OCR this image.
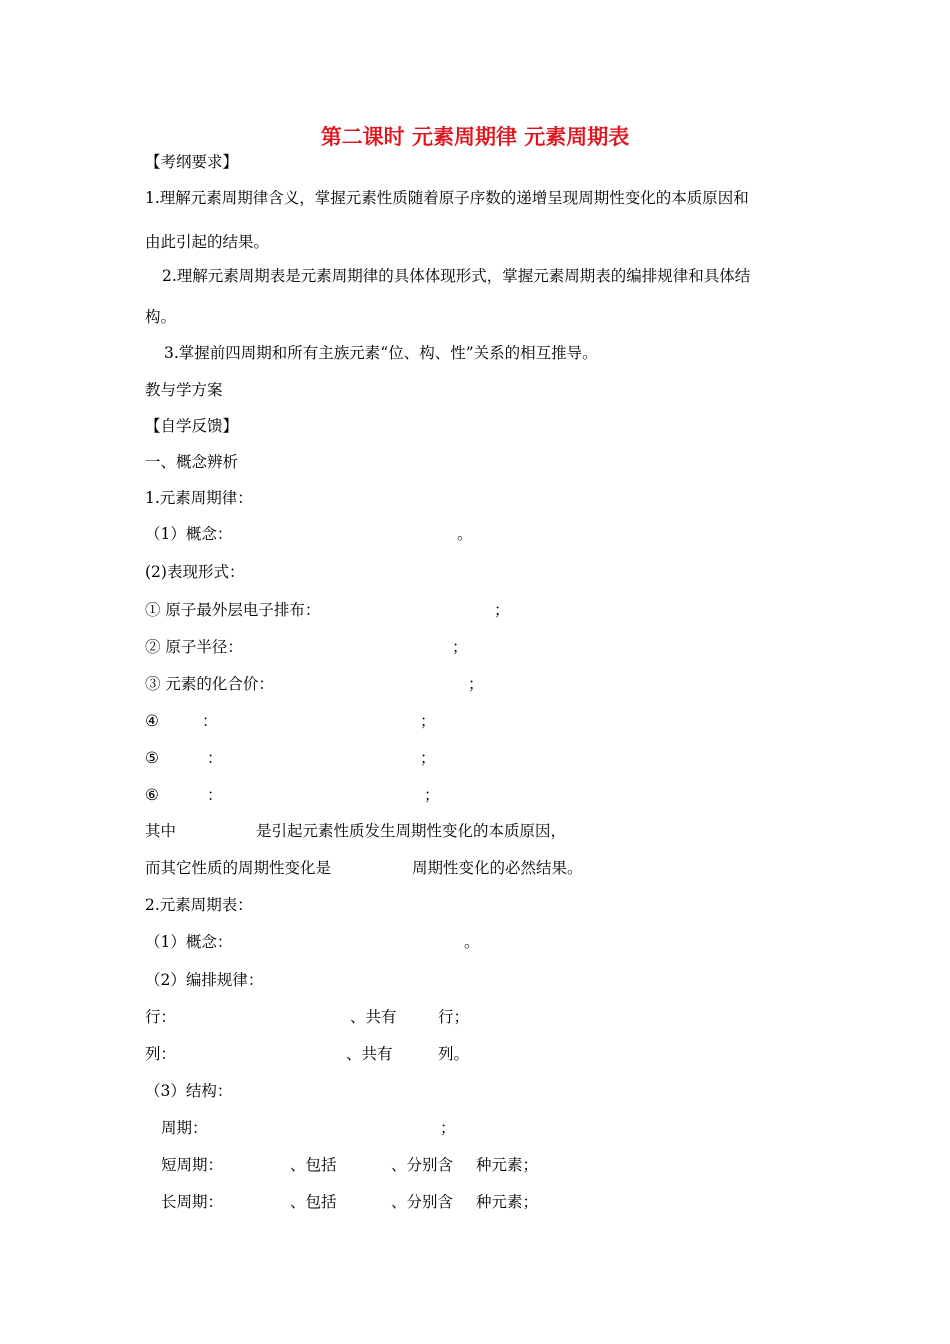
第二课时 元素周期律 元素周期表
【考纲要求】
1.理解元素周期律含义，掌握元素性质随着原子序数的递增呈现周期性变化的本质原因和
由此引起的结果。
2.理解元素周期表是元素周期律的具体体现形式，掌握元素周期表的编排规律和具体结
构。
3.掌握前四周期和所有主族元素“位、构、性”关系的相互推导。
教与学方案
【自学反馈】
一、概念辨析
1.元素周期律：
（1）概念：	。
(2)表现形式：
① 原子最外层电子排布：	；
② 原子半径：	；
③ 元素的化合价：	；
④	：	；
⑤	：	；
⑥	：	；
其中	是引起元素性质发生周期性变化的本质原因，
而其它性质的周期性变化是	周期性变化的必然结果。
2.元素周期表：
（1）概念：	。
（2）编排规律：
行：	、共有	行；
列：	、共有	列。
（3）结构：
周期：	；
短周期：	、包括	、分别含 种元素；
长周期：	、包括	、分别含 种元素；
